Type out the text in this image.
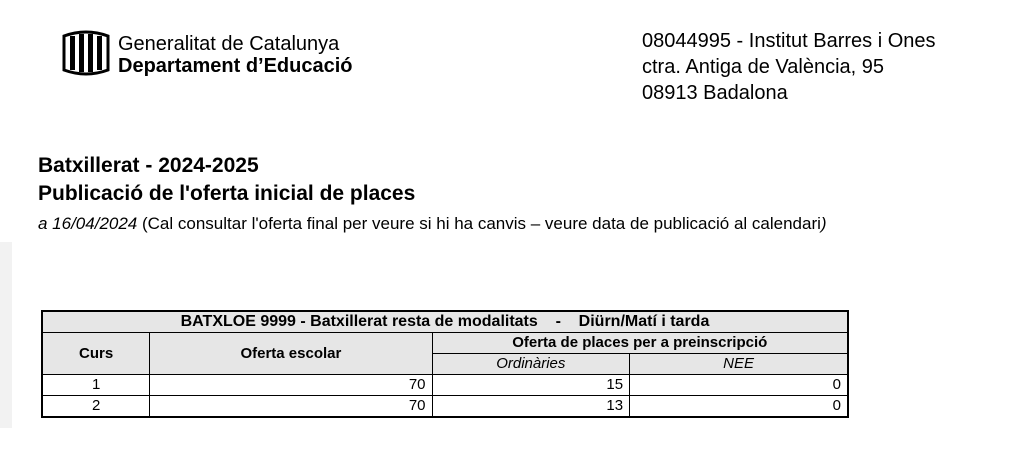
Generalitat de Catalunya
Departament d’Educació
08044995 - Institut Barres i Ones
ctra. Antiga de València, 95
08913 Badalona
Batxillerat - 2024-2025
Publicació de l'oferta inicial de places
a 16/04/2024 (Cal consultar l'oferta final per veure si hi ha canvis – veure data de publicació al calendari)
BATXLOE 9999 - Batxillerat resta de modalitats    -    Diürn/Matí i tarda			
Curs	Oferta escolar	Oferta de places per a preinscripció	
		Ordinàries	NEE
1	70	15	0
2	70	13	0
